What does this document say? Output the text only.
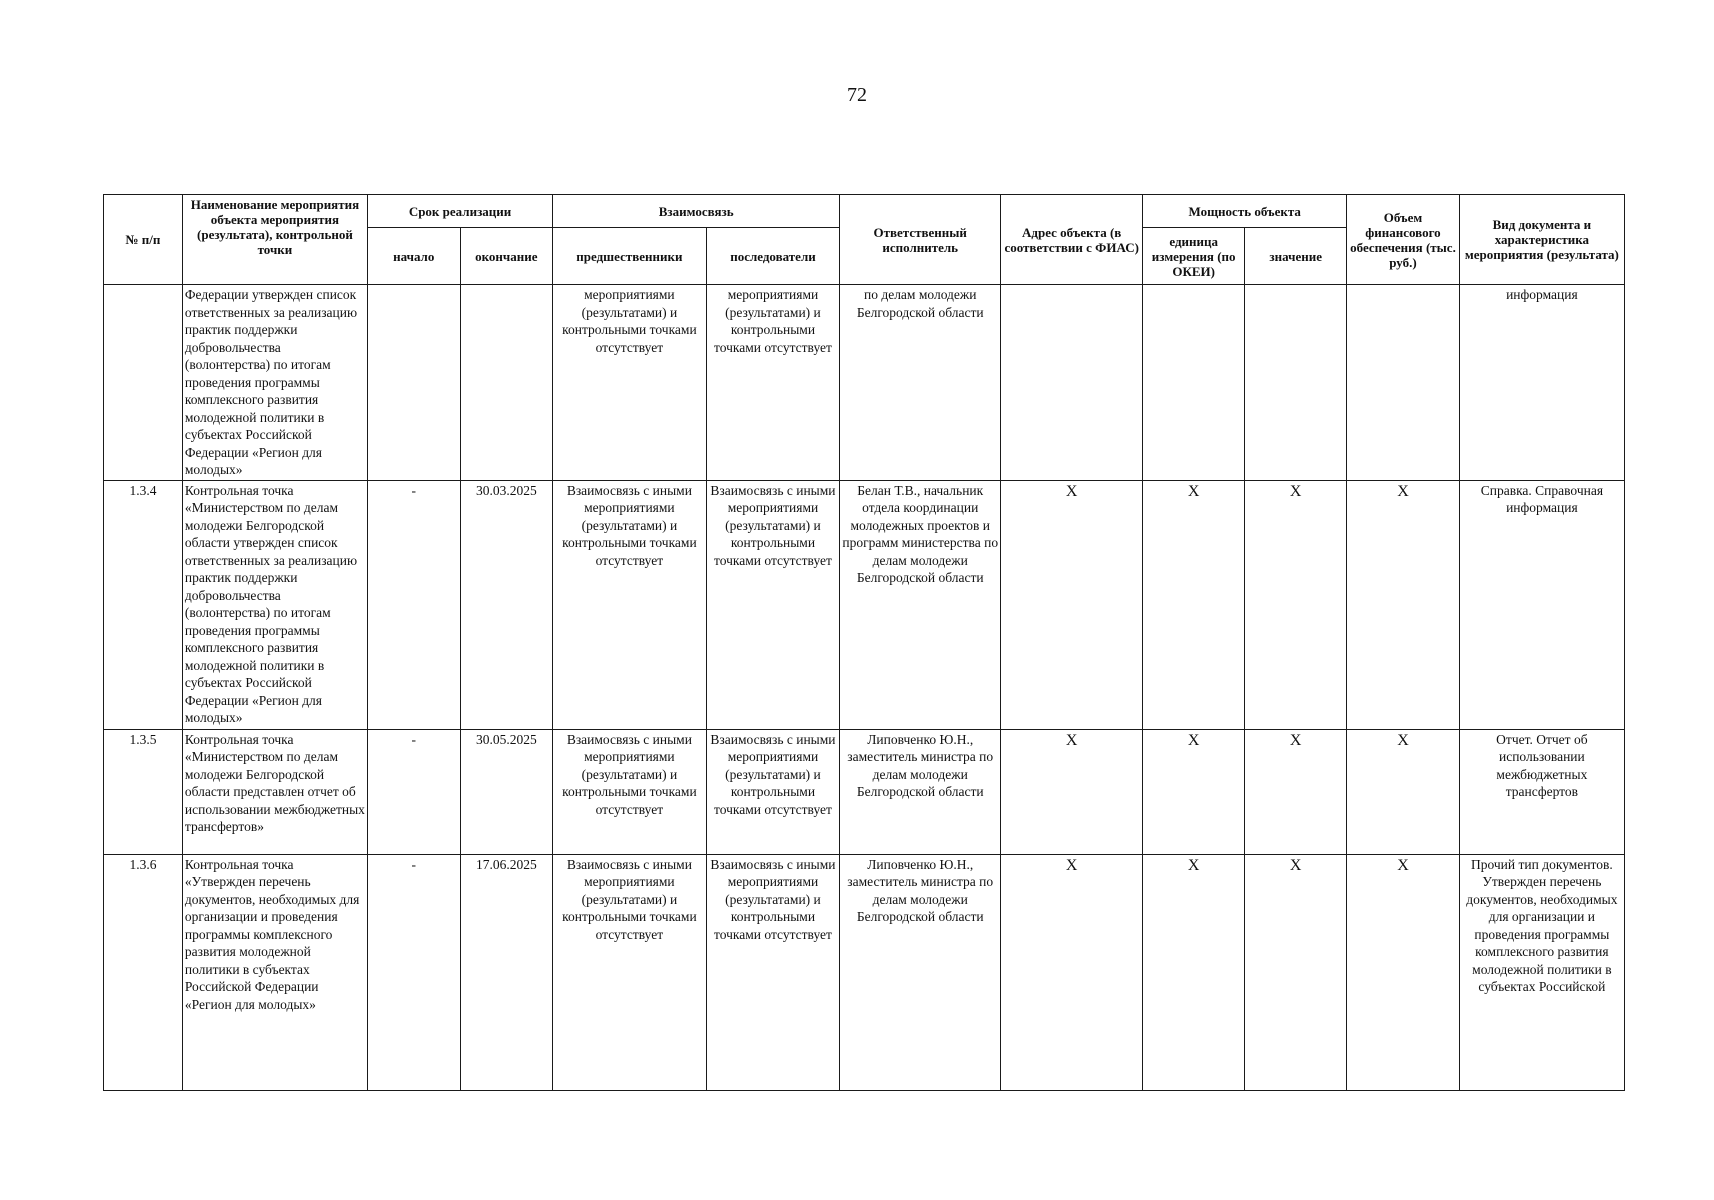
72
№ п/п	Наименование мероприятия объекта мероприятия (результата), контрольной точки	Срок реализации		Взаимосвязь		Ответственный исполнитель	Адрес объекта (в соответствии с ФИАС)	Мощность объекта		Объем финансового обеспечения (тыс. руб.)	Вид документа и характеристика мероприятия (результата)
		начало	окончание	предшественники	последователи			единица измерения (по ОКЕИ)	значение		
	Федерации утвержден список ответственных за реализацию практик поддержки добровольчества (волонтерства) по итогам проведения программы комплексного развития молодежной политики в субъектах Российской Федерации «Регион для молодых»			мероприятиями (результатами) и контрольными точками отсутствует	мероприятиями (результатами) и контрольными точками отсутствует	по делам молодежи Белгородской области					информация
1.3.4	Контрольная точка «Министерством по делам молодежи Белгородской области утвержден список ответственных за реализацию практик поддержки добровольчества (волонтерства) по итогам проведения программы комплексного развития молодежной политики в субъектах Российской Федерации «Регион для молодых»	-	30.03.2025	Взаимосвязь с иными мероприятиями (результатами) и контрольными точками отсутствует	Взаимосвязь с иными мероприятиями (результатами) и контрольными точками отсутствует	Белан Т.В., начальник отдела координации молодежных проектов и программ министерства по делам молодежи Белгородской области	X	X	X	X	Справка. Справочная информация
1.3.5	Контрольная точка «Министерством по делам молодежи Белгородской области представлен отчет об использовании межбюджетных трансфертов»	-	30.05.2025	Взаимосвязь с иными мероприятиями (результатами) и контрольными точками отсутствует	Взаимосвязь с иными мероприятиями (результатами) и контрольными точками отсутствует	Липовченко Ю.Н., заместитель министра по делам молодежи Белгородской области	X	X	X	X	Отчет. Отчет об использовании межбюджетных трансфертов
1.3.6	Контрольная точка «Утвержден перечень документов, необходимых для организации и проведения программы комплексного развития молодежной политики в субъектах Российской Федерации «Регион для молодых»	-	17.06.2025	Взаимосвязь с иными мероприятиями (результатами) и контрольными точками отсутствует	Взаимосвязь с иными мероприятиями (результатами) и контрольными точками отсутствует	Липовченко Ю.Н., заместитель министра по делам молодежи Белгородской области	X	X	X	X	Прочий тип документов. Утвержден перечень документов, необходимых для организации и проведения программы комплексного развития молодежной политики в субъектах Российской
